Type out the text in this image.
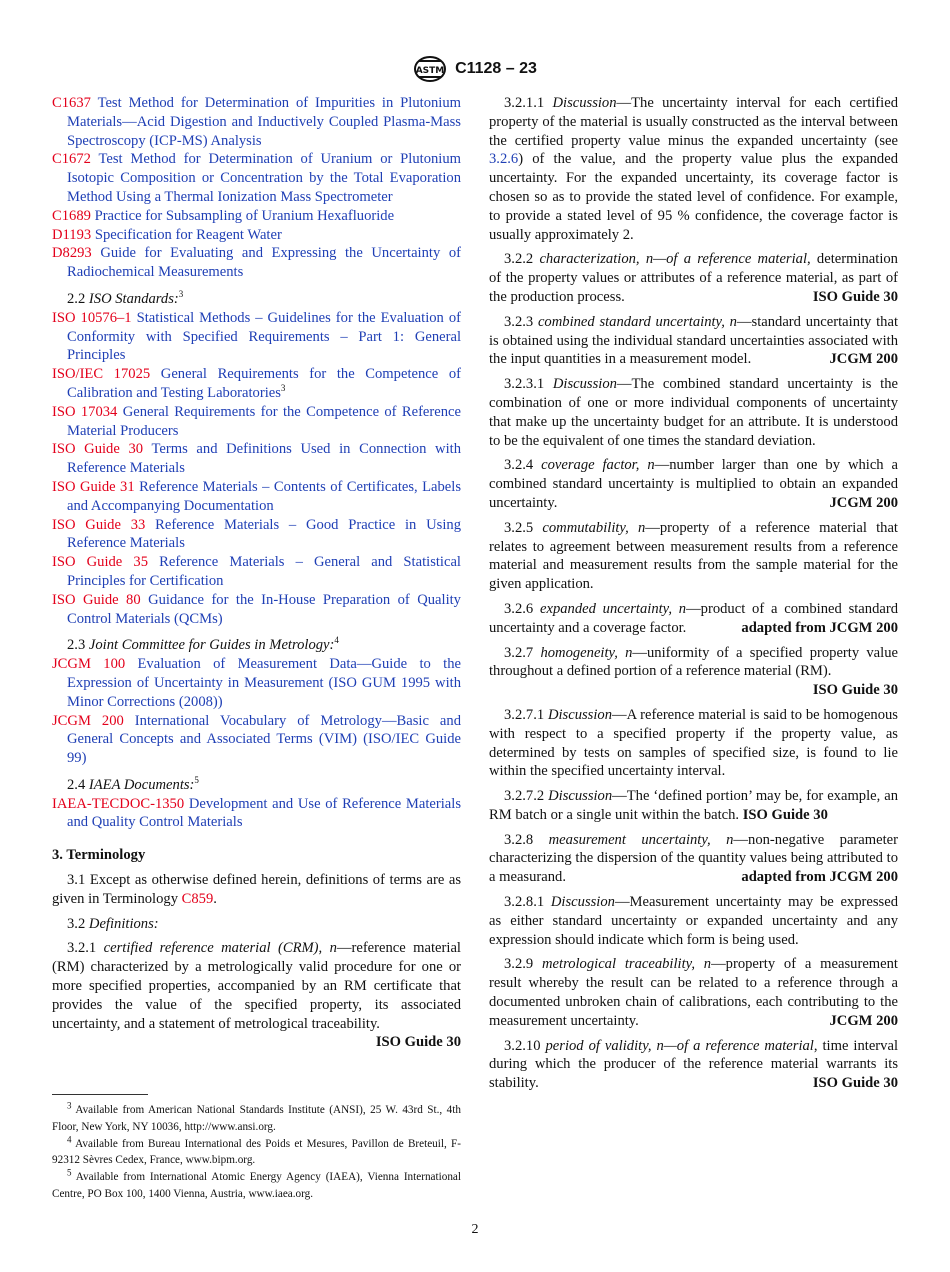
ASTM C1128 – 23

C1637 Test Method for Determination of Impurities in Plutonium Materials—Acid Digestion and Inductively Coupled Plasma-Mass Spectroscopy (ICP-MS) Analysis

C1672 Test Method for Determination of Uranium or Plutonium Isotopic Composition or Concentration by the Total Evaporation Method Using a Thermal Ionization Mass Spectrometer

C1689 Practice for Subsampling of Uranium Hexafluoride

D1193 Specification for Reagent Water

D8293 Guide for Evaluating and Expressing the Uncertainty of Radiochemical Measurements

2.2 ISO Standards:$^3$

ISO 10576–1 Statistical Methods – Guidelines for the Evaluation of Conformity with Specified Requirements – Part 1: General Principles

ISO/IEC 17025 General Requirements for the Competence of Calibration and Testing Laboratories$^3$

ISO 17034 General Requirements for the Competence of Reference Material Producers

ISO Guide 30 Terms and Definitions Used in Connection with Reference Materials

ISO Guide 31 Reference Materials – Contents of Certificates, Labels and Accompanying Documentation

ISO Guide 33 Reference Materials – Good Practice in Using Reference Materials

ISO Guide 35 Reference Materials – General and Statistical Principles for Certification

ISO Guide 80 Guidance for the In-House Preparation of Quality Control Materials (QCMs)

2.3 Joint Committee for Guides in Metrology:$^4$

JCGM 100 Evaluation of Measurement Data—Guide to the Expression of Uncertainty in Measurement (ISO GUM 1995 with Minor Corrections (2008))

JCGM 200 International Vocabulary of Metrology—Basic and General Concepts and Associated Terms (VIM) (ISO/IEC Guide 99)

2.4 IAEA Documents:$^5$

IAEA-TECDOC-1350 Development and Use of Reference Materials and Quality Control Materials

3. Terminology

3.1 Except as otherwise defined herein, definitions of terms are as given in Terminology C859.

3.2 Definitions:

3.2.1 certified reference material (CRM), n—reference material (RM) characterized by a metrologically valid procedure for one or more specified properties, accompanied by an RM certificate that provides the value of the specified property, its associated uncertainty, and a statement of metrological traceability.
ISO Guide 30

3.2.1.1 Discussion—The uncertainty interval for each certified property of the material is usually constructed as the interval between the certified property value minus the expanded uncertainty (see 3.2.6) of the value, and the property value plus the expanded uncertainty. For the expanded uncertainty, its coverage factor is chosen so as to provide the stated level of confidence. For example, to provide a stated level of 95 % confidence, the coverage factor is usually approximately 2.

3.2.2 characterization, n—of a reference material, determination of the property values or attributes of a reference material, as part of the production process.	ISO Guide 30

3.2.3 combined standard uncertainty, n—standard uncertainty that is obtained using the individual standard uncertainties associated with the input quantities in a measurement model.	JCGM 200

3.2.3.1 Discussion—The combined standard uncertainty is the combination of one or more individual components of uncertainty that make up the uncertainty budget for an attribute. It is understood to be the equivalent of one times the standard deviation.

3.2.4 coverage factor, n—number larger than one by which a combined standard uncertainty is multiplied to obtain an expanded uncertainty.	JCGM 200

3.2.5 commutability, n—property of a reference material that relates to agreement between measurement results from a reference material and measurement results from the sample material for the given application.

3.2.6 expanded uncertainty, n—product of a combined standard uncertainty and a coverage factor.	adapted from JCGM 200

3.2.7 homogeneity, n—uniformity of a specified property value throughout a defined portion of a reference material (RM).
ISO Guide 30

3.2.7.1 Discussion—A reference material is said to be homogenous with respect to a specified property if the property value, as determined by tests on samples of specified size, is found to lie within the specified uncertainty interval.

3.2.7.2 Discussion—The ‘defined portion’ may be, for example, an RM batch or a single unit within the batch. ISO Guide 30

3.2.8 measurement uncertainty, n—non-negative parameter characterizing the dispersion of the quantity values being attributed to a measurand.	adapted from JCGM 200

3.2.8.1 Discussion—Measurement uncertainty may be expressed as either standard uncertainty or expanded uncertainty and any expression should indicate which form is being used.

3.2.9 metrological traceability, n—property of a measurement result whereby the result can be related to a reference through a documented unbroken chain of calibrations, each contributing to the measurement uncertainty.	JCGM 200

3.2.10 period of validity, n—of a reference material, time interval during which the producer of the reference material warrants its stability.	ISO Guide 30

$^3$ Available from American National Standards Institute (ANSI), 25 W. 43rd St., 4th Floor, New York, NY 10036, http://www.ansi.org.

$^4$ Available from Bureau International des Poids et Mesures, Pavillon de Breteuil, F-92312 Sèvres Cedex, France, www.bipm.org.

$^5$ Available from International Atomic Energy Agency (IAEA), Vienna International Centre, PO Box 100, 1400 Vienna, Austria, www.iaea.org.

2
